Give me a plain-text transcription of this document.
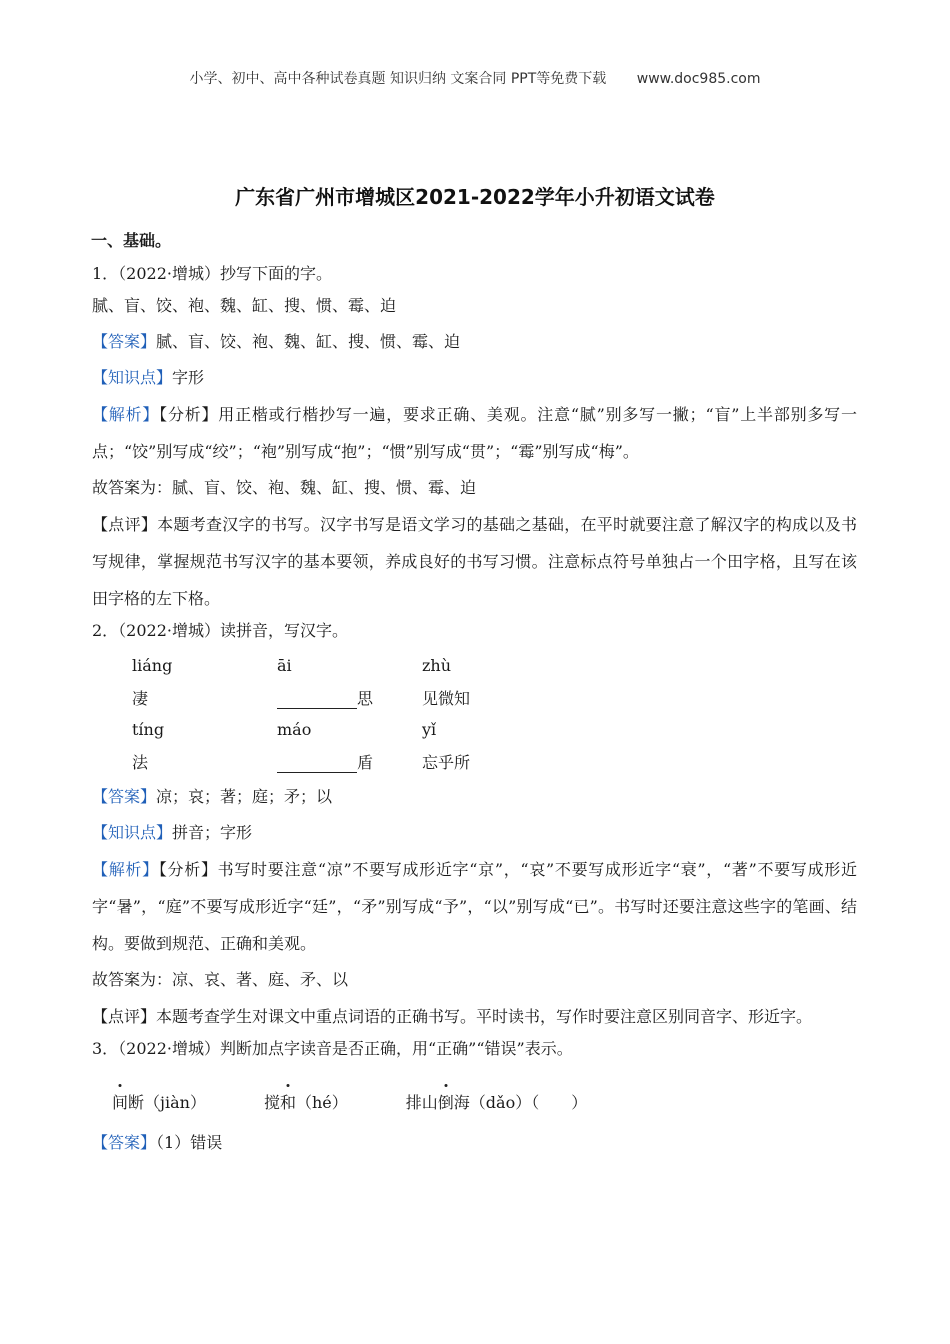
小学、初中、高中各种试卷真题 知识归纳 文案合同 PPT等免费下载 www.doc985.com
广东省广州市增城区2021-2022学年小升初语文试卷
一、基础。
1．（2022·增城）抄写下面的字。
腻、盲、饺、袍、魏、缸、搜、惯、霉、迫
【答案】腻、盲、饺、袍、魏、缸、搜、惯、霉、迫
【知识点】字形
【解析】【分析】用正楷或行楷抄写一遍，要求正确、美观。注意“腻”别多写一撇；“盲”上半部别多写一点；“饺”别写成“绞”；“袍”别写成“抱”；“惯”别写成“贯”；“霉”别写成“梅”。
故答案为：腻、盲、饺、袍、魏、缸、搜、惯、霉、迫
【点评】本题考查汉字的书写。汉字书写是语文学习的基础之基础，在平时就要注意了解汉字的构成以及书写规律，掌握规范书写汉字的基本要领，养成良好的书写习惯。注意标点符号单独占一个田字格，且写在该田字格的左下格。
2．（2022·增城）读拼音，写汉字。
liáng	āi	zhù
凄	思	见微知
tíng	máo	yǐ
法	盾	忘乎所
【答案】凉；哀；著；庭；矛；以
【知识点】拼音；字形
【解析】【分析】书写时要注意“凉”不要写成形近字“京”，“哀”不要写成形近字“衰”，“著”不要写成形近字“暑”，“庭”不要写成形近字“廷”，“矛”别写成“予”，“以”别写成“已”。书写时还要注意这些字的笔画、结构。要做到规范、正确和美观。
故答案为：凉、哀、著、庭、矛、以
【点评】本题考查学生对课文中重点词语的正确书写。平时读书，写作时要注意区别同音字、形近字。
3．（2022·增城）判断加点字读音是否正确，用“正确”“错误”表示。
间断（jiàn）	搅和（hé）	排山倒海（dǎo）（　　）
【答案】（1）错误
